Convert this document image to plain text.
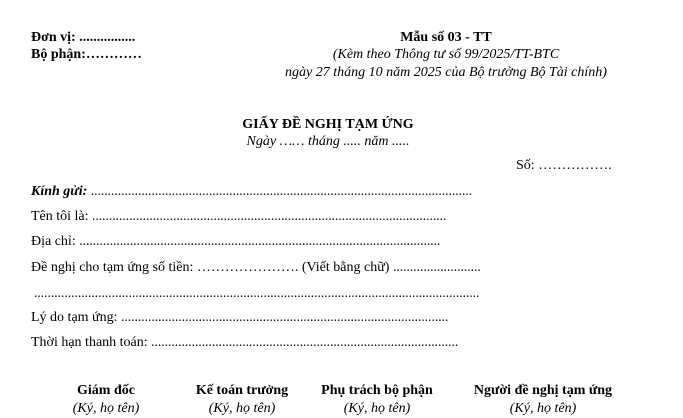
Đơn vị: ................
Bộ phận:…………
Mẫu số 03 - TT
(Kèm theo Thông tư số 99/2025/TT-BTC
ngày 27 tháng 10 năm 2025 của Bộ trưởng Bộ Tài chính)
GIẤY ĐỀ NGHỊ TẠM ỨNG
Ngày …… tháng ..... năm .....
Số: …………….
Kính gửi: .................................................................................................................
Tên tôi là: .........................................................................................................
Địa chỉ: ...........................................................................................................
Đề nghị cho tạm ứng số tiền: …………………. (Viết bằng chữ) ..........................
....................................................................................................................................
Lý do tạm ứng: .................................................................................................
Thời hạn thanh toán: ...........................................................................................
Giám đốc
(Ký, họ tên)
Kế toán trưởng
(Ký, họ tên)
Phụ trách bộ phận
(Ký, họ tên)
Người đề nghị tạm ứng
(Ký, họ tên)
